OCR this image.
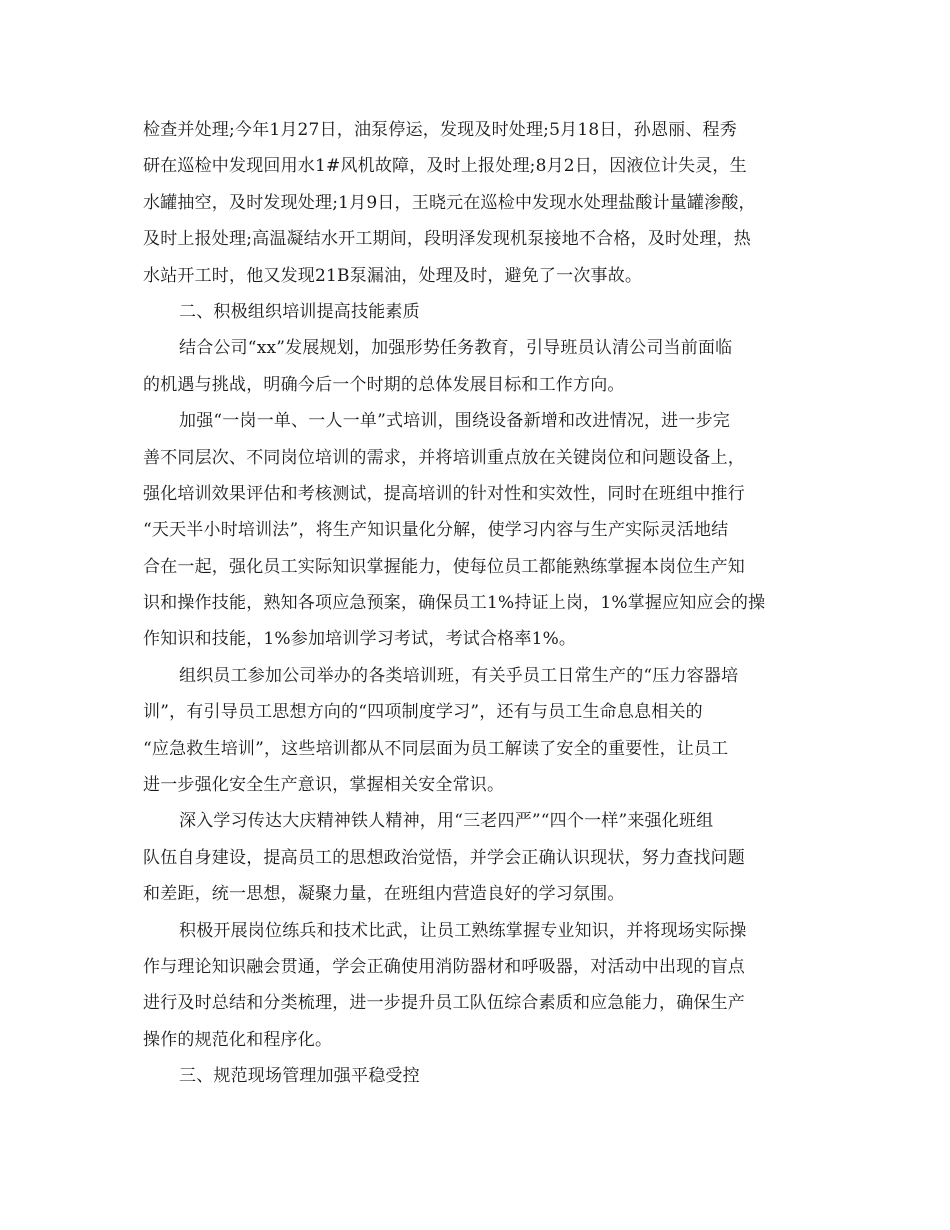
检查并处理;今年1月27日，油泵停运，发现及时处理;5月18日，孙恩丽、程秀
研在巡检中发现回用水1#风机故障，及时上报处理;8月2日，因液位计失灵，生
水罐抽空，及时发现处理;1月9日，王晓元在巡检中发现水处理盐酸计量罐渗酸，
及时上报处理;高温凝结水开工期间，段明泽发现机泵接地不合格，及时处理，热
水站开工时，他又发现21B泵漏油，处理及时，避免了一次事故。
二、积极组织培训提高技能素质
结合公司“xx”发展规划，加强形势任务教育，引导班员认清公司当前面临
的机遇与挑战，明确今后一个时期的总体发展目标和工作方向。
加强“一岗一单、一人一单”式培训，围绕设备新增和改进情况，进一步完
善不同层次、不同岗位培训的需求，并将培训重点放在关键岗位和问题设备上，
强化培训效果评估和考核测试，提高培训的针对性和实效性，同时在班组中推行
“天天半小时培训法”，将生产知识量化分解，使学习内容与生产实际灵活地结
合在一起，强化员工实际知识掌握能力，使每位员工都能熟练掌握本岗位生产知
识和操作技能，熟知各项应急预案，确保员工1%持证上岗，1%掌握应知应会的操
作知识和技能，1%参加培训学习考试，考试合格率1%。
组织员工参加公司举办的各类培训班，有关乎员工日常生产的“压力容器培
训”，有引导员工思想方向的“四项制度学习”，还有与员工生命息息相关的
“应急救生培训”，这些培训都从不同层面为员工解读了安全的重要性，让员工
进一步强化安全生产意识，掌握相关安全常识。
深入学习传达大庆精神铁人精神，用“三老四严”“四个一样”来强化班组
队伍自身建设，提高员工的思想政治觉悟，并学会正确认识现状，努力查找问题
和差距，统一思想，凝聚力量，在班组内营造良好的学习氛围。
积极开展岗位练兵和技术比武，让员工熟练掌握专业知识，并将现场实际操
作与理论知识融会贯通，学会正确使用消防器材和呼吸器，对活动中出现的盲点
进行及时总结和分类梳理，进一步提升员工队伍综合素质和应急能力，确保生产
操作的规范化和程序化。
三、规范现场管理加强平稳受控
